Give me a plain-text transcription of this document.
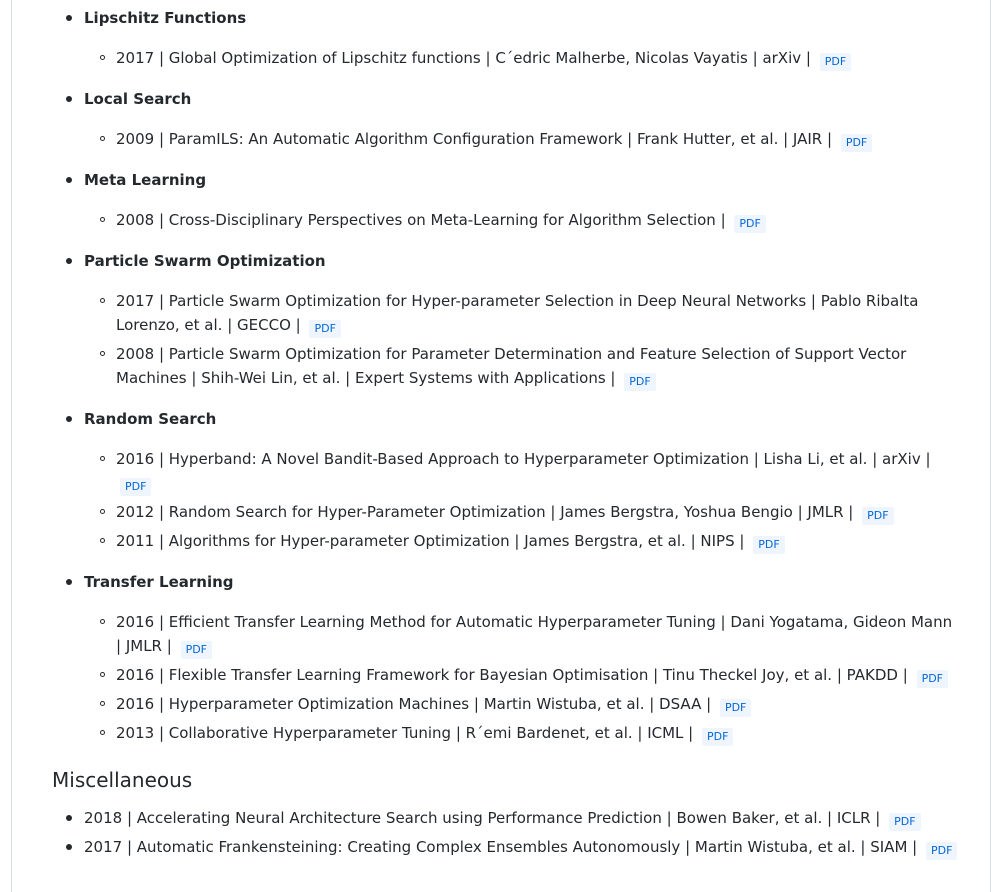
Lipschitz Functions
2017 | Global Optimization of Lipschitz functions | C´edric Malherbe, Nicolas Vayatis | arXiv | PDF
Local Search
2009 | ParamILS: An Automatic Algorithm Configuration Framework | Frank Hutter, et al. | JAIR | PDF
Meta Learning
2008 | Cross-Disciplinary Perspectives on Meta-Learning for Algorithm Selection | PDF
Particle Swarm Optimization
2017 | Particle Swarm Optimization for Hyper-parameter Selection in Deep Neural Networks | Pablo Ribalta Lorenzo, et al. | GECCO | PDF
2008 | Particle Swarm Optimization for Parameter Determination and Feature Selection of Support Vector Machines | Shih-Wei Lin, et al. | Expert Systems with Applications | PDF
Random Search
2016 | Hyperband: A Novel Bandit-Based Approach to Hyperparameter Optimization | Lisha Li, et al. | arXiv | PDF
2012 | Random Search for Hyper-Parameter Optimization | James Bergstra, Yoshua Bengio | JMLR | PDF
2011 | Algorithms for Hyper-parameter Optimization | James Bergstra, et al. | NIPS | PDF
Transfer Learning
2016 | Efficient Transfer Learning Method for Automatic Hyperparameter Tuning | Dani Yogatama, Gideon Mann | JMLR | PDF
2016 | Flexible Transfer Learning Framework for Bayesian Optimisation | Tinu Theckel Joy, et al. | PAKDD | PDF
2016 | Hyperparameter Optimization Machines | Martin Wistuba, et al. | DSAA | PDF
2013 | Collaborative Hyperparameter Tuning | R´emi Bardenet, et al. | ICML | PDF
Miscellaneous
2018 | Accelerating Neural Architecture Search using Performance Prediction | Bowen Baker, et al. | ICLR | PDF
2017 | Automatic Frankensteining: Creating Complex Ensembles Autonomously | Martin Wistuba, et al. | SIAM | PDF
